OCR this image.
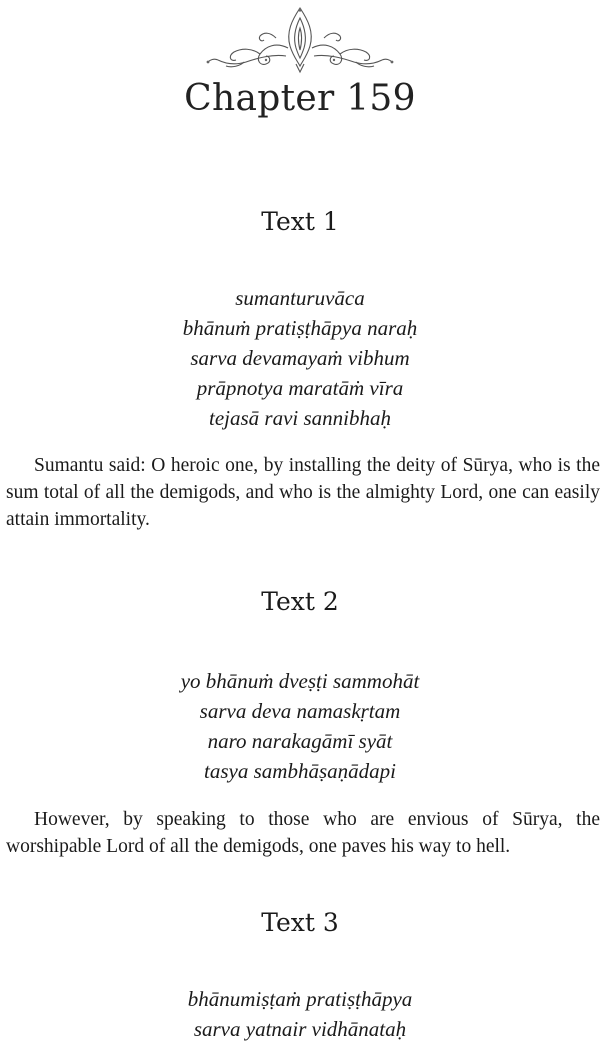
Chapter 159
Text 1
sumanturuvāca
bhānuṁ pratiṣṭhāpya naraḥ
sarva devamayaṁ vibhum
prāpnotya maratāṁ vīra
tejasā ravi sannibhaḥ
Sumantu said: O heroic one, by installing the deity of Sūrya, who is the sum total of all the demigods, and who is the almighty Lord, one can easily attain immortality.
Text 2
yo bhānuṁ dveṣṭi sammohāt
sarva deva namaskṛtam
naro narakagāmī syāt
tasya sambhāṣaṇādapi
However, by speaking to those who are envious of Sūrya, the worshipable Lord of all the demigods, one paves his way to hell.
Text 3
bhānumiṣṭaṁ pratiṣṭhāpya
sarva yatnair vidhānataḥ
